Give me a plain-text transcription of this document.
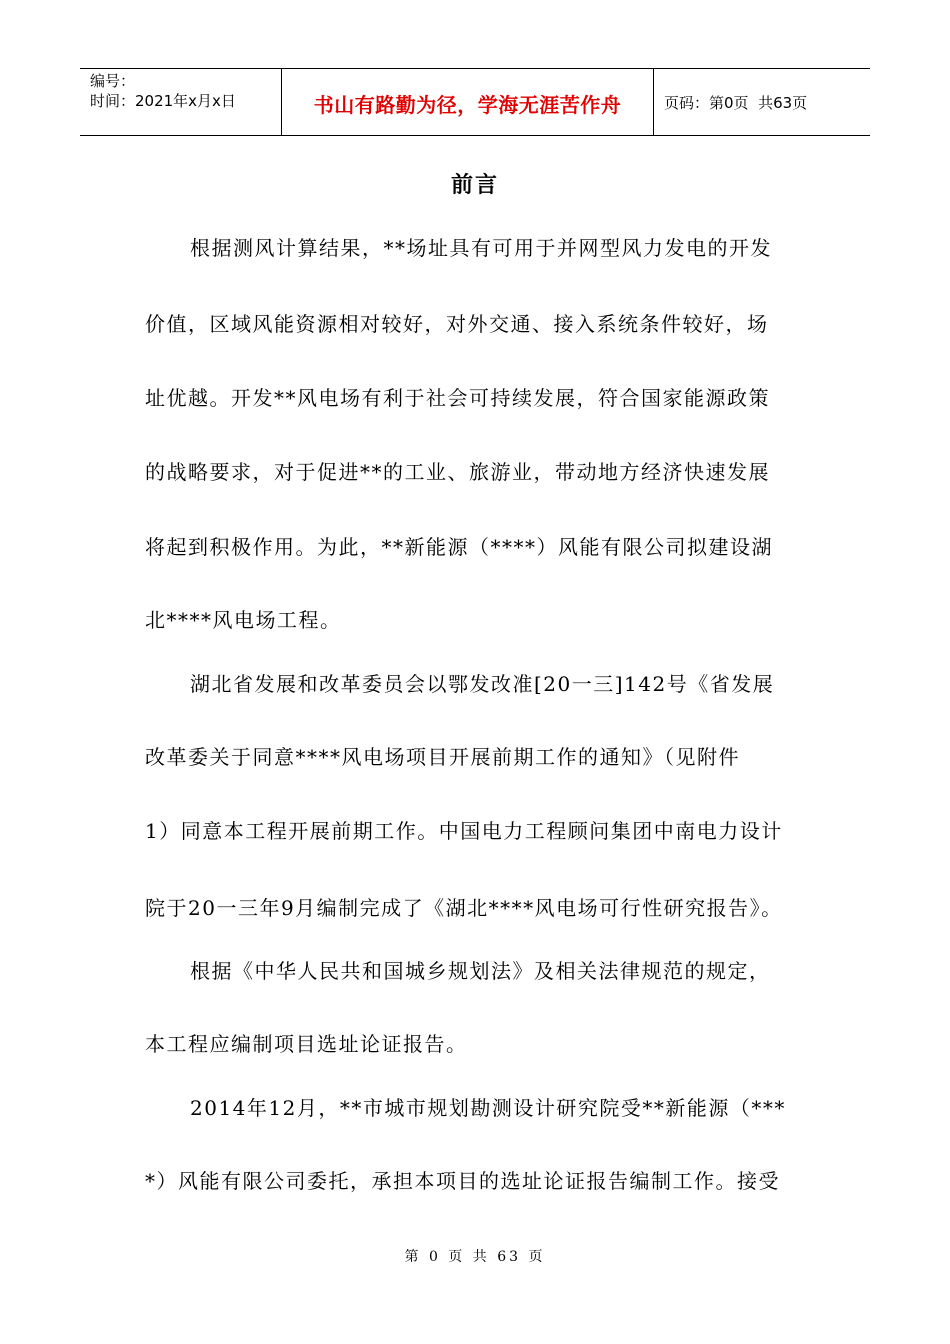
编号：
时间：2021年x月x日	书山有路勤为径，学海无涯苦作舟	页码：第0页  共63页
前言
根据测风计算结果，**场址具有可用于并网型风力发电的开发
价值，区域风能资源相对较好，对外交通、接入系统条件较好，场
址优越。开发**风电场有利于社会可持续发展，符合国家能源政策
的战略要求，对于促进**的工业、旅游业，带动地方经济快速发展
将起到积极作用。为此，**新能源（****）风能有限公司拟建设湖
北****风电场工程。
湖北省发展和改革委员会以鄂发改准[20一三]142号《省发展
改革委关于同意****风电场项目开展前期工作的通知》（见附件
1）同意本工程开展前期工作。中国电力工程顾问集团中南电力设计
院于20一三年9月编制完成了《湖北****风电场可行性研究报告》。
根据《中华人民共和国城乡规划法》及相关法律规范的规定，
本工程应编制项目选址论证报告。
2014年12月，**市城市规划勘测设计研究院受**新能源（***
*）风能有限公司委托，承担本项目的选址论证报告编制工作。接受
第 0 页 共 63 页
